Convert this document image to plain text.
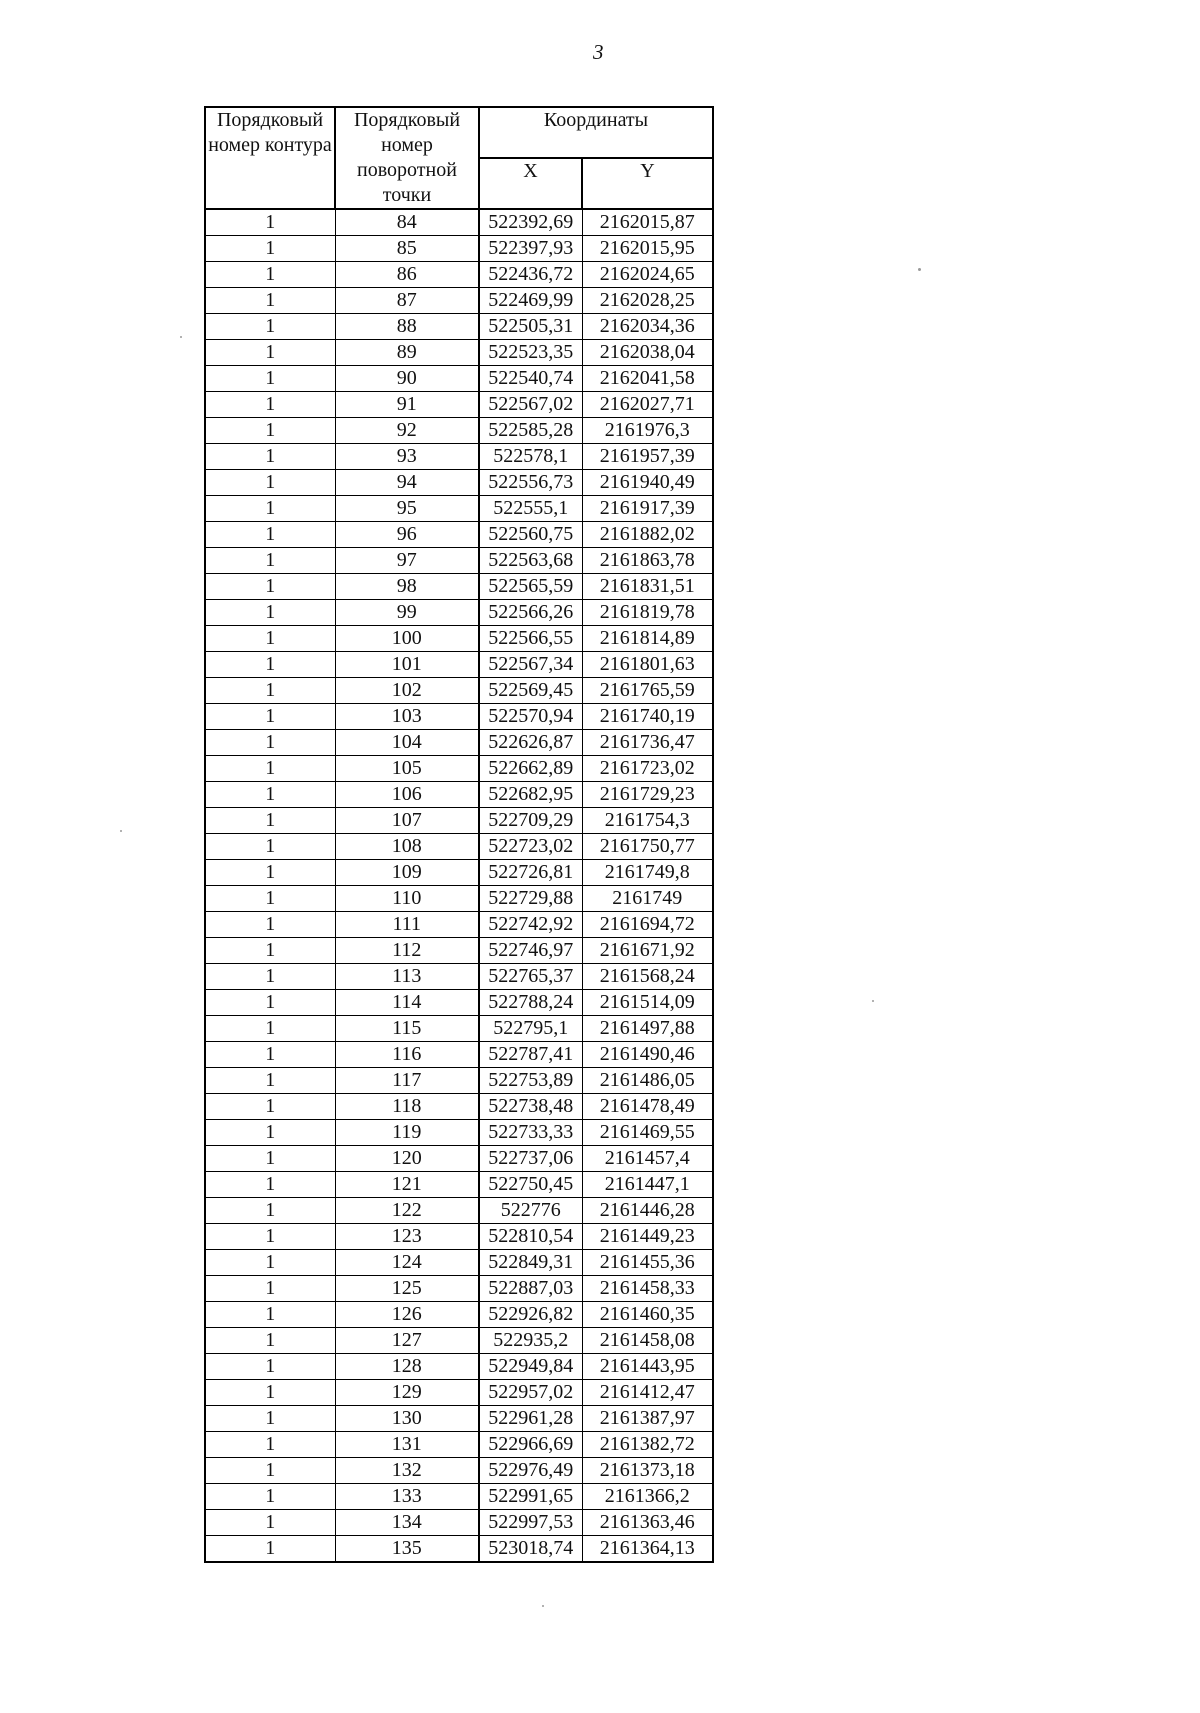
3
Порядковый номер контура	Порядковый номер поворотной точки	Координаты	
		X	Y
1	84	522392,69	2162015,87
1	85	522397,93	2162015,95
1	86	522436,72	2162024,65
1	87	522469,99	2162028,25
1	88	522505,31	2162034,36
1	89	522523,35	2162038,04
1	90	522540,74	2162041,58
1	91	522567,02	2162027,71
1	92	522585,28	2161976,3
1	93	522578,1	2161957,39
1	94	522556,73	2161940,49
1	95	522555,1	2161917,39
1	96	522560,75	2161882,02
1	97	522563,68	2161863,78
1	98	522565,59	2161831,51
1	99	522566,26	2161819,78
1	100	522566,55	2161814,89
1	101	522567,34	2161801,63
1	102	522569,45	2161765,59
1	103	522570,94	2161740,19
1	104	522626,87	2161736,47
1	105	522662,89	2161723,02
1	106	522682,95	2161729,23
1	107	522709,29	2161754,3
1	108	522723,02	2161750,77
1	109	522726,81	2161749,8
1	110	522729,88	2161749
1	111	522742,92	2161694,72
1	112	522746,97	2161671,92
1	113	522765,37	2161568,24
1	114	522788,24	2161514,09
1	115	522795,1	2161497,88
1	116	522787,41	2161490,46
1	117	522753,89	2161486,05
1	118	522738,48	2161478,49
1	119	522733,33	2161469,55
1	120	522737,06	2161457,4
1	121	522750,45	2161447,1
1	122	522776	2161446,28
1	123	522810,54	2161449,23
1	124	522849,31	2161455,36
1	125	522887,03	2161458,33
1	126	522926,82	2161460,35
1	127	522935,2	2161458,08
1	128	522949,84	2161443,95
1	129	522957,02	2161412,47
1	130	522961,28	2161387,97
1	131	522966,69	2161382,72
1	132	522976,49	2161373,18
1	133	522991,65	2161366,2
1	134	522997,53	2161363,46
1	135	523018,74	2161364,13
